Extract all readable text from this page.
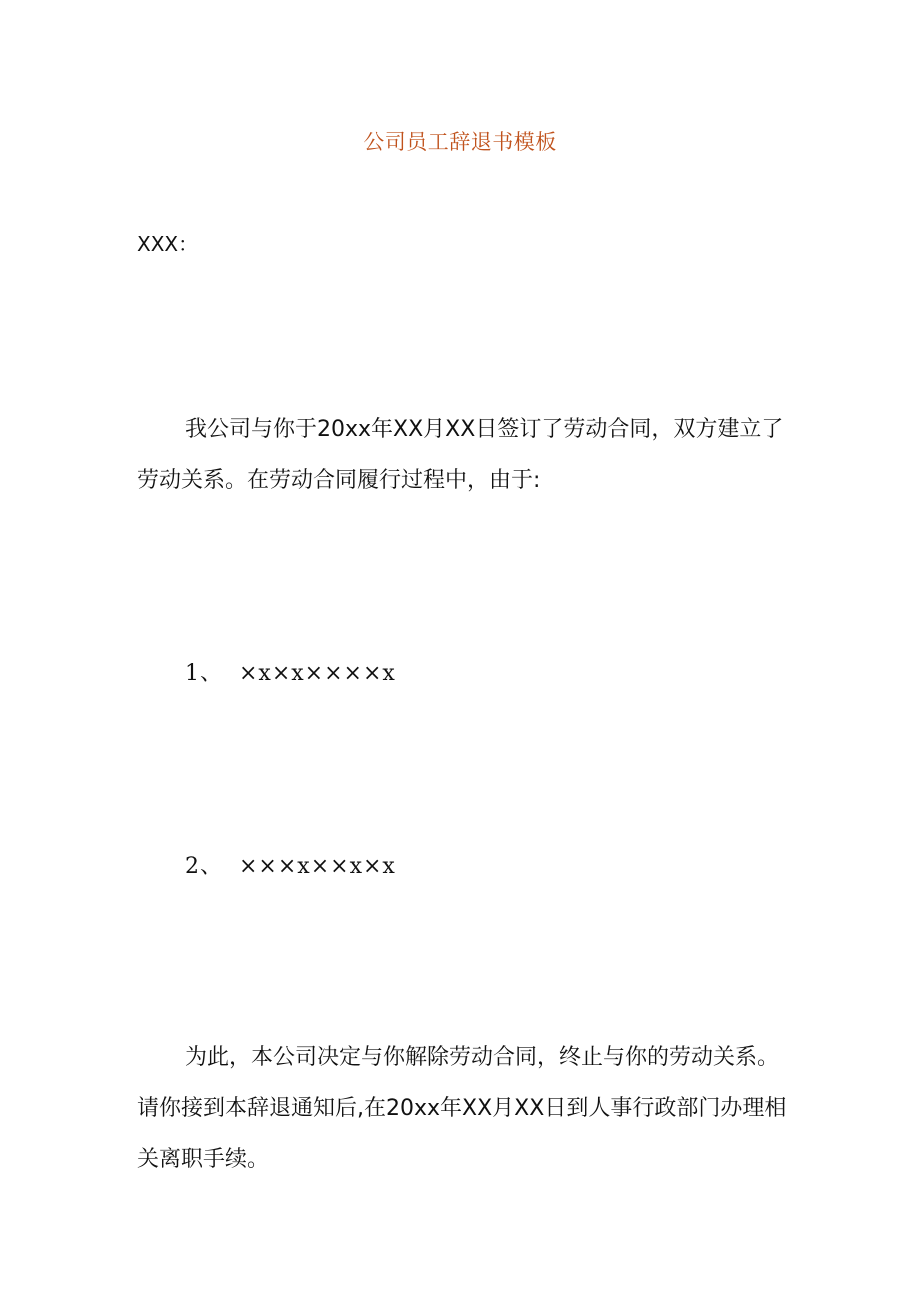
公司员工辞退书模板
XXX：
我公司与你于20xx年XX月XX日签订了劳动合同，双方建立了劳动关系。在劳动合同履行过程中，由于:
1、 ×x×x××××x
2、 ×××x××x×x
为此，本公司决定与你解除劳动合同，终止与你的劳动关系。请你接到本辞退通知后,在20xx年XX月XX日到人事行政部门办理相关离职手续。
